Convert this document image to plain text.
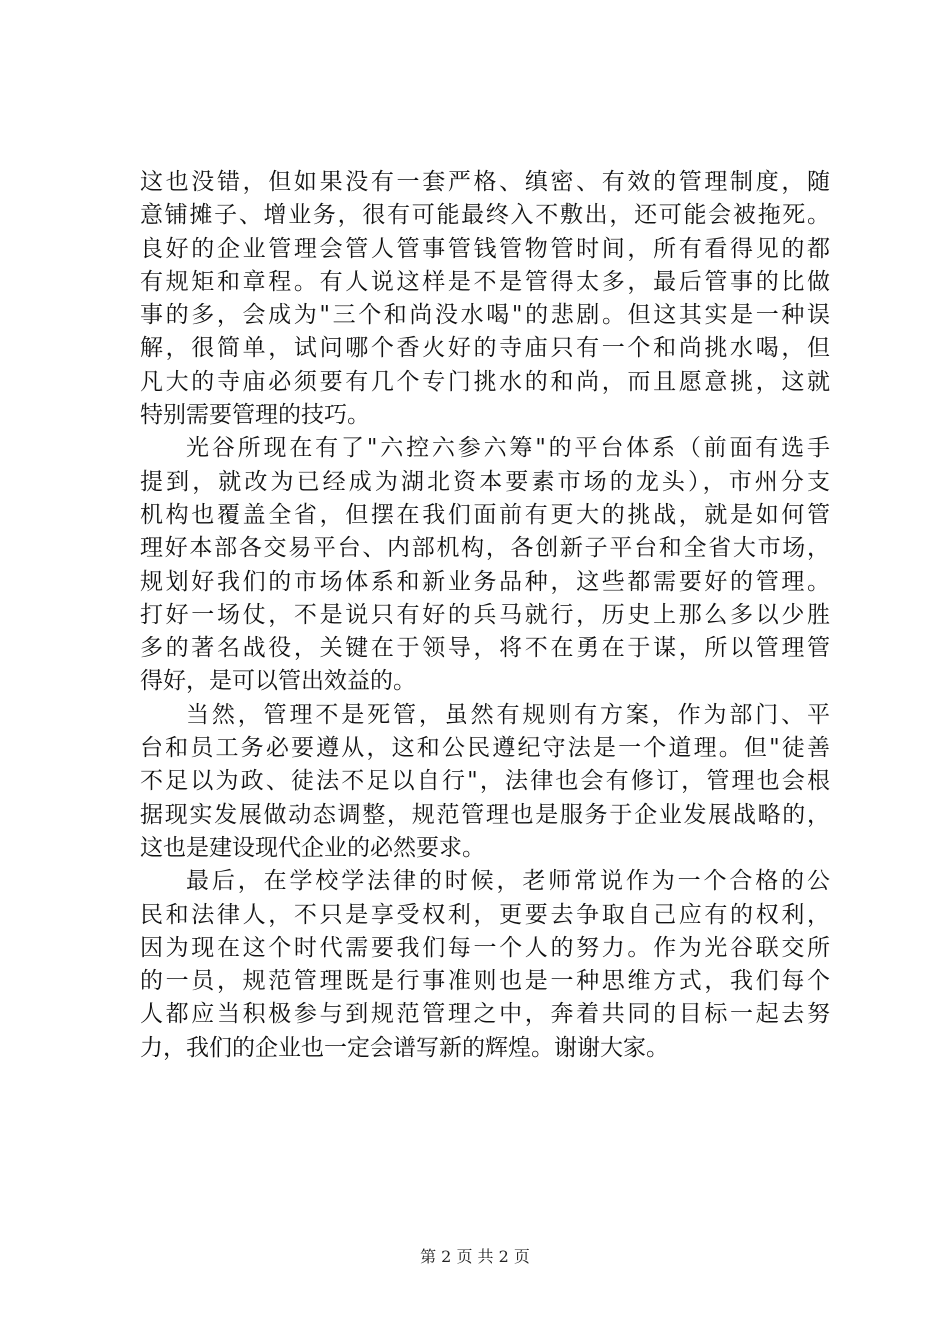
这也没错，但如果没有一套严格、缜密、有效的管理制度，随
意铺摊子、增业务，很有可能最终入不敷出，还可能会被拖死。
良好的企业管理会管人管事管钱管物管时间，所有看得见的都
有规矩和章程。有人说这样是不是管得太多，最后管事的比做
事的多，会成为"三个和尚没水喝"的悲剧。但这其实是一种误
解，很简单，试问哪个香火好的寺庙只有一个和尚挑水喝，但
凡大的寺庙必须要有几个专门挑水的和尚，而且愿意挑，这就
特别需要管理的技巧。
光谷所现在有了"六控六参六筹"的平台体系（前面有选手
提到，就改为已经成为湖北资本要素市场的龙头），市州分支
机构也覆盖全省，但摆在我们面前有更大的挑战，就是如何管
理好本部各交易平台、内部机构，各创新子平台和全省大市场，
规划好我们的市场体系和新业务品种，这些都需要好的管理。
打好一场仗，不是说只有好的兵马就行，历史上那么多以少胜
多的著名战役，关键在于领导，将不在勇在于谋，所以管理管
得好，是可以管出效益的。
当然，管理不是死管，虽然有规则有方案，作为部门、平
台和员工务必要遵从，这和公民遵纪守法是一个道理。但"徒善
不足以为政、徒法不足以自行"，法律也会有修订，管理也会根
据现实发展做动态调整，规范管理也是服务于企业发展战略的，
这也是建设现代企业的必然要求。
最后，在学校学法律的时候，老师常说作为一个合格的公
民和法律人，不只是享受权利，更要去争取自己应有的权利，
因为现在这个时代需要我们每一个人的努力。作为光谷联交所
的一员，规范管理既是行事准则也是一种思维方式，我们每个
人都应当积极参与到规范管理之中，奔着共同的目标一起去努
力，我们的企业也一定会谱写新的辉煌。谢谢大家。
第 2 页 共 2 页
